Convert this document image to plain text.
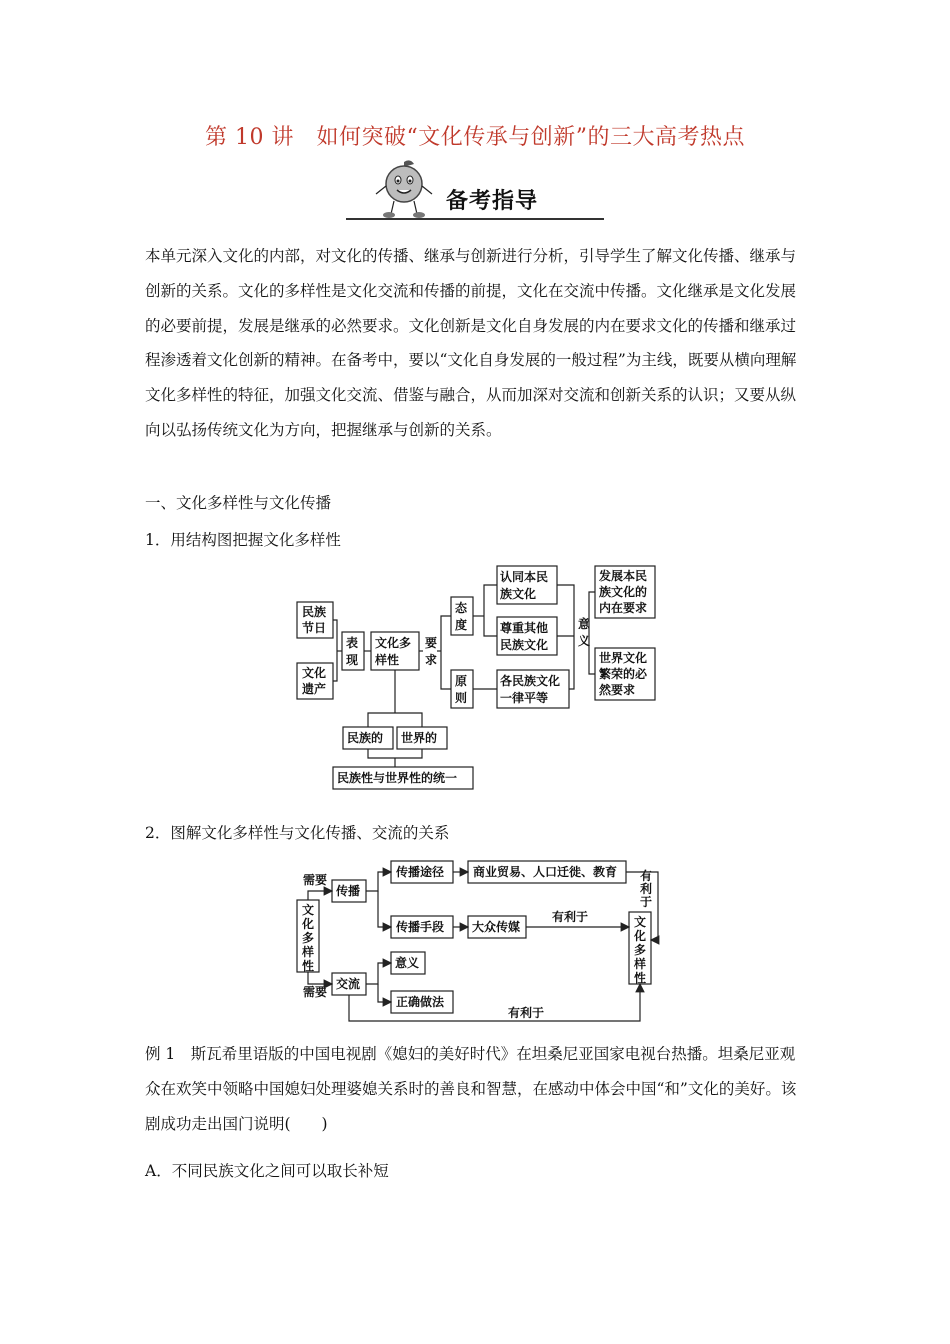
第 10 讲　如何突破“文化传承与创新”的三大高考热点
备考指导
本单元深入文化的内部，对文化的传播、继承与创新进行分析，引导学生了解文化传播、继承与创新的关系。文化的多样性是文化交流和传播的前提，文化在交流中传播。文化继承是文化发展的必要前提，发展是继承的必然要求。文化创新是文化自身发展的内在要求文化的传播和继承过程渗透着文化创新的精神。在备考中，要以“文化自身发展的一般过程”为主线，既要从横向理解文化多样性的特征，加强文化交流、借鉴与融合，从而加深对交流和创新关系的认识；又要从纵向以弘扬传统文化为方向，把握继承与创新的关系。
一、文化多样性与文化传播
1．用结构图把握文化多样性
民族
节日
文化
遗产
表
现
文化多
样性
要
求
态
度
原
则
认同本民
族文化
尊重其他
民族文化
各民族文化
一律平等
意
义
发展本民
族文化的
内在要求
世界文化
繁荣的必
然要求
民族的 世界的
民族性与世界性的统一
2．图解文化多样性与文化传播、交流的关系
文
化
多
样
性
需要
需要
传播
传播途径 商业贸易、人口迁徙、教育
传播手段 大众传媒
有利于
有
利
于
文
化
多
样
性
交流
意义
正确做法
有利于
例 1　斯瓦希里语版的中国电视剧《媳妇的美好时代》在坦桑尼亚国家电视台热播。坦桑尼亚观众在欢笑中领略中国媳妇处理婆媳关系时的善良和智慧，在感动中体会中国“和”文化的美好。该剧成功走出国门说明(　　)
A．不同民族文化之间可以取长补短
